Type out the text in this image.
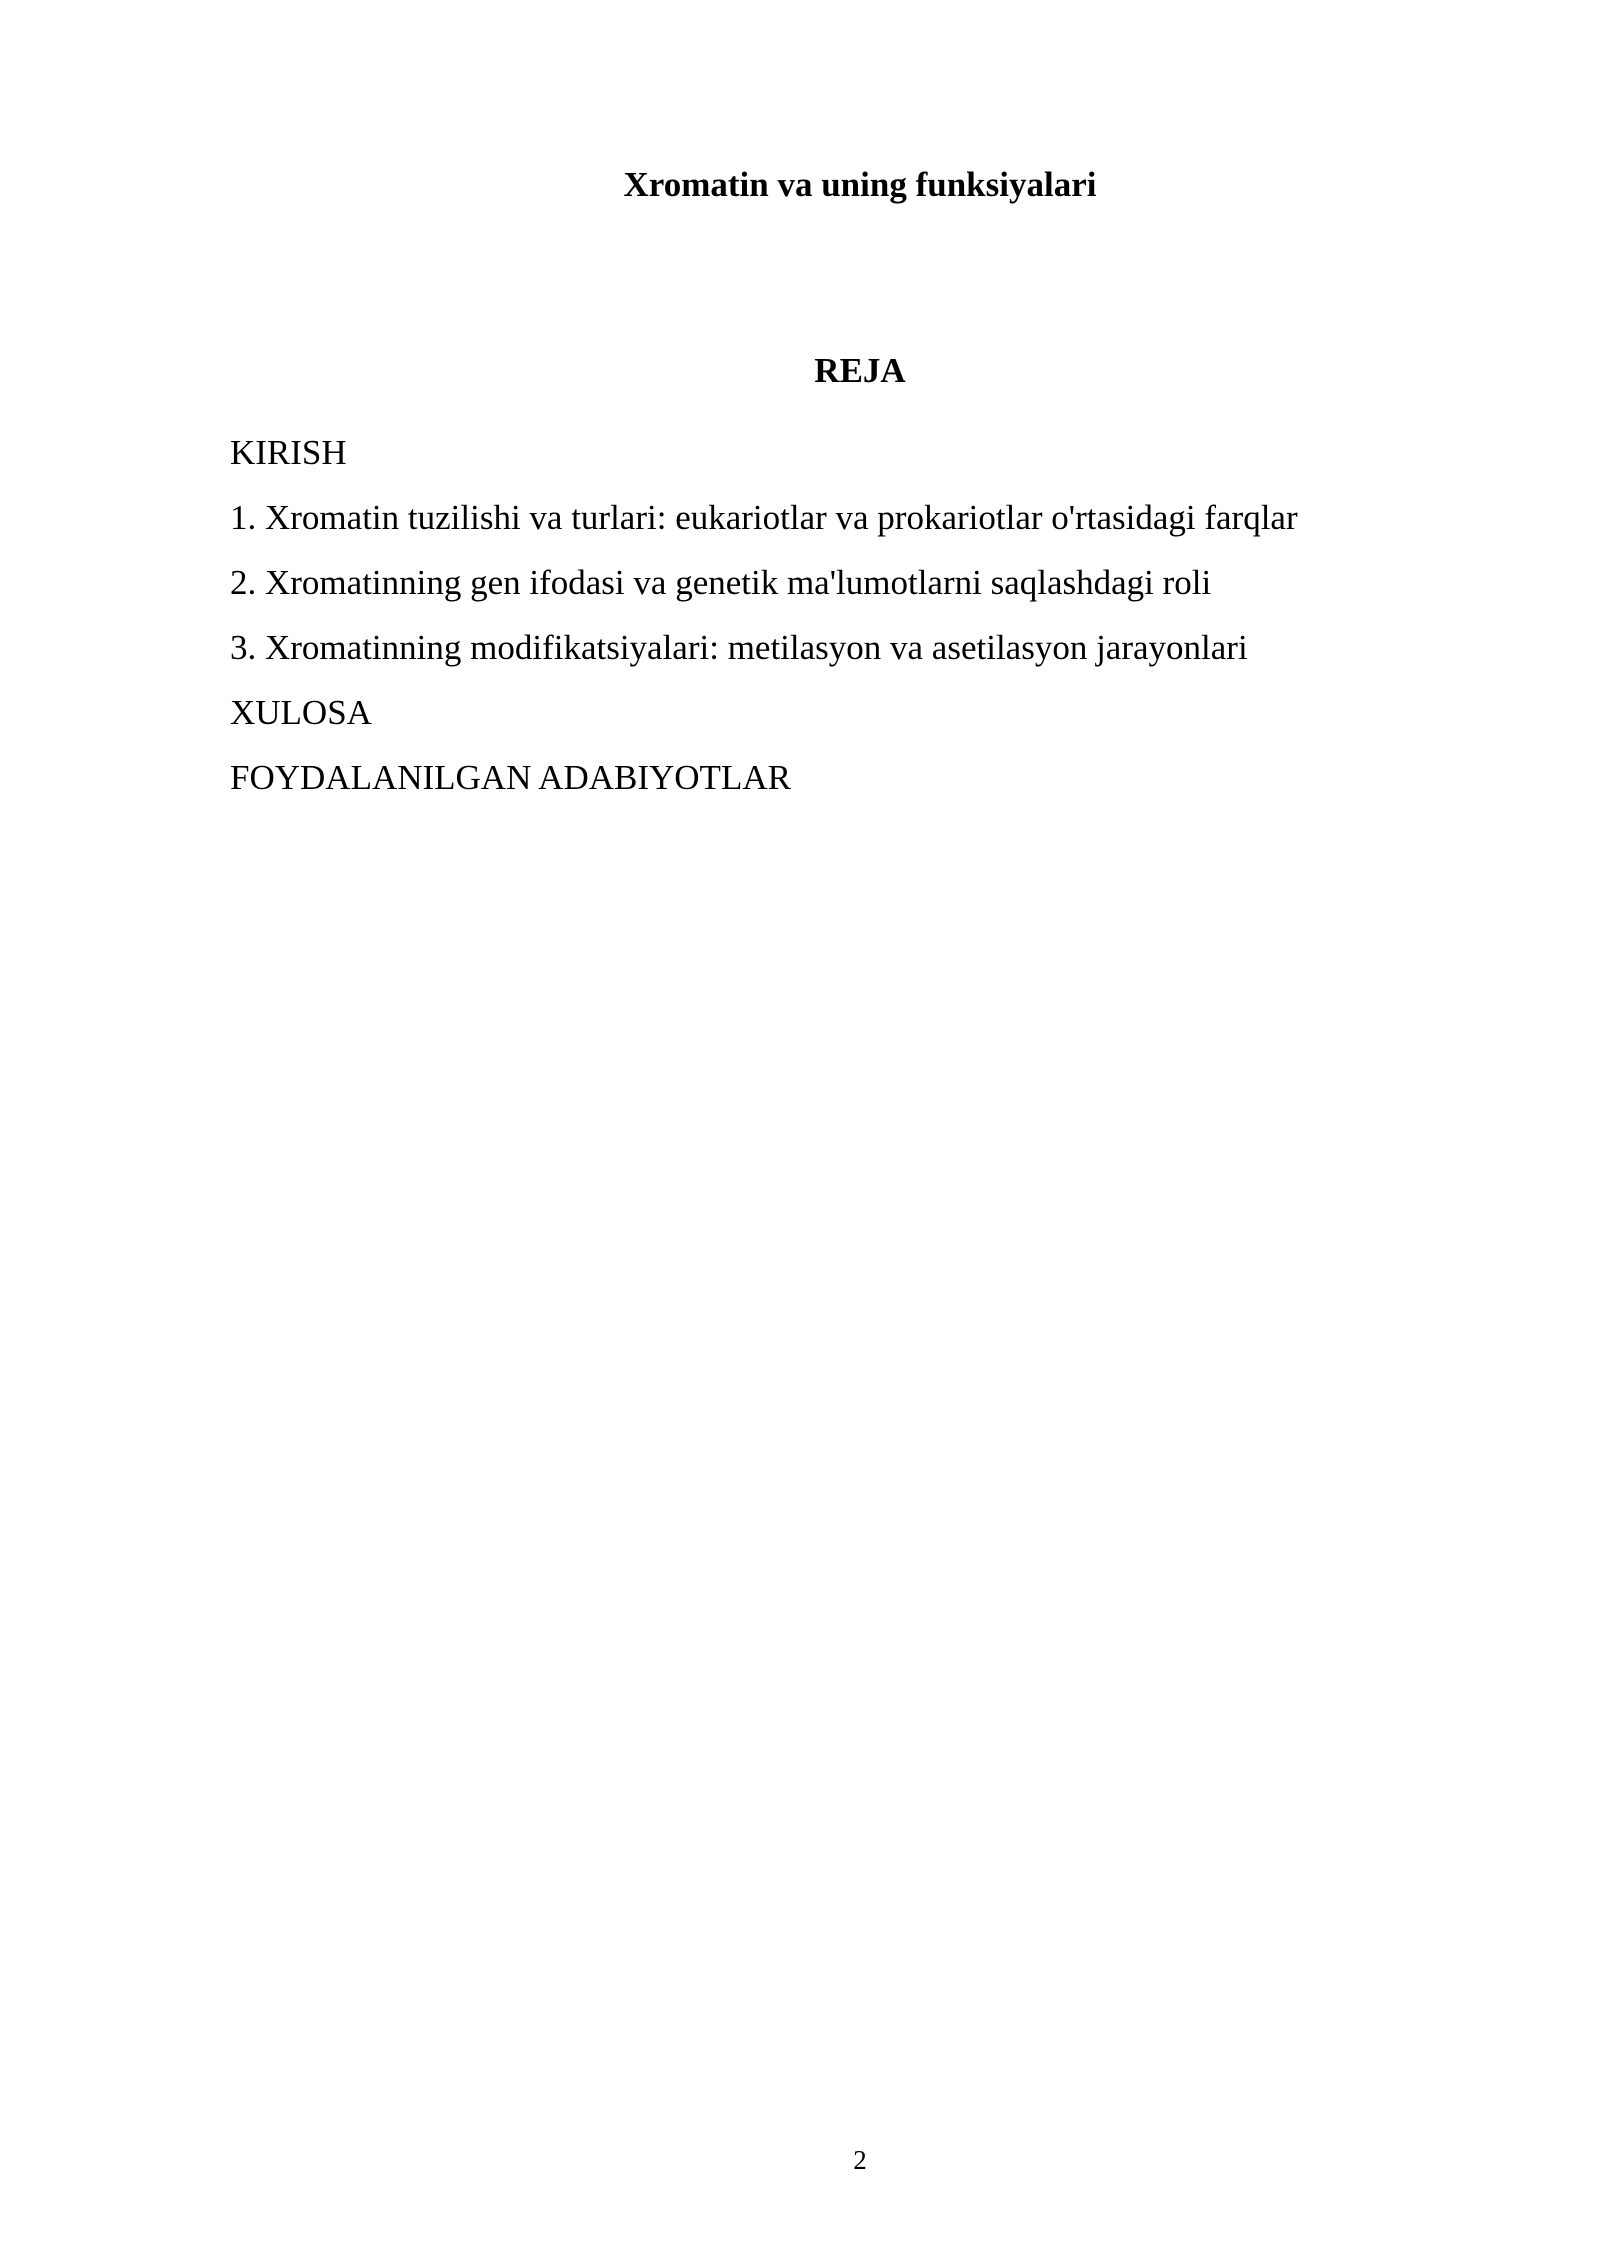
Xromatin va uning funksiyalari
REJA
KIRISH
1. Xromatin tuzilishi va turlari: eukariotlar va prokariotlar o'rtasidagi farqlar
2. Xromatinning gen ifodasi va genetik ma'lumotlarni saqlashdagi roli
3. Xromatinning modifikatsiyalari: metilasyon va asetilasyon jarayonlari
XULOSA
FOYDALANILGAN ADABIYOTLAR
2
